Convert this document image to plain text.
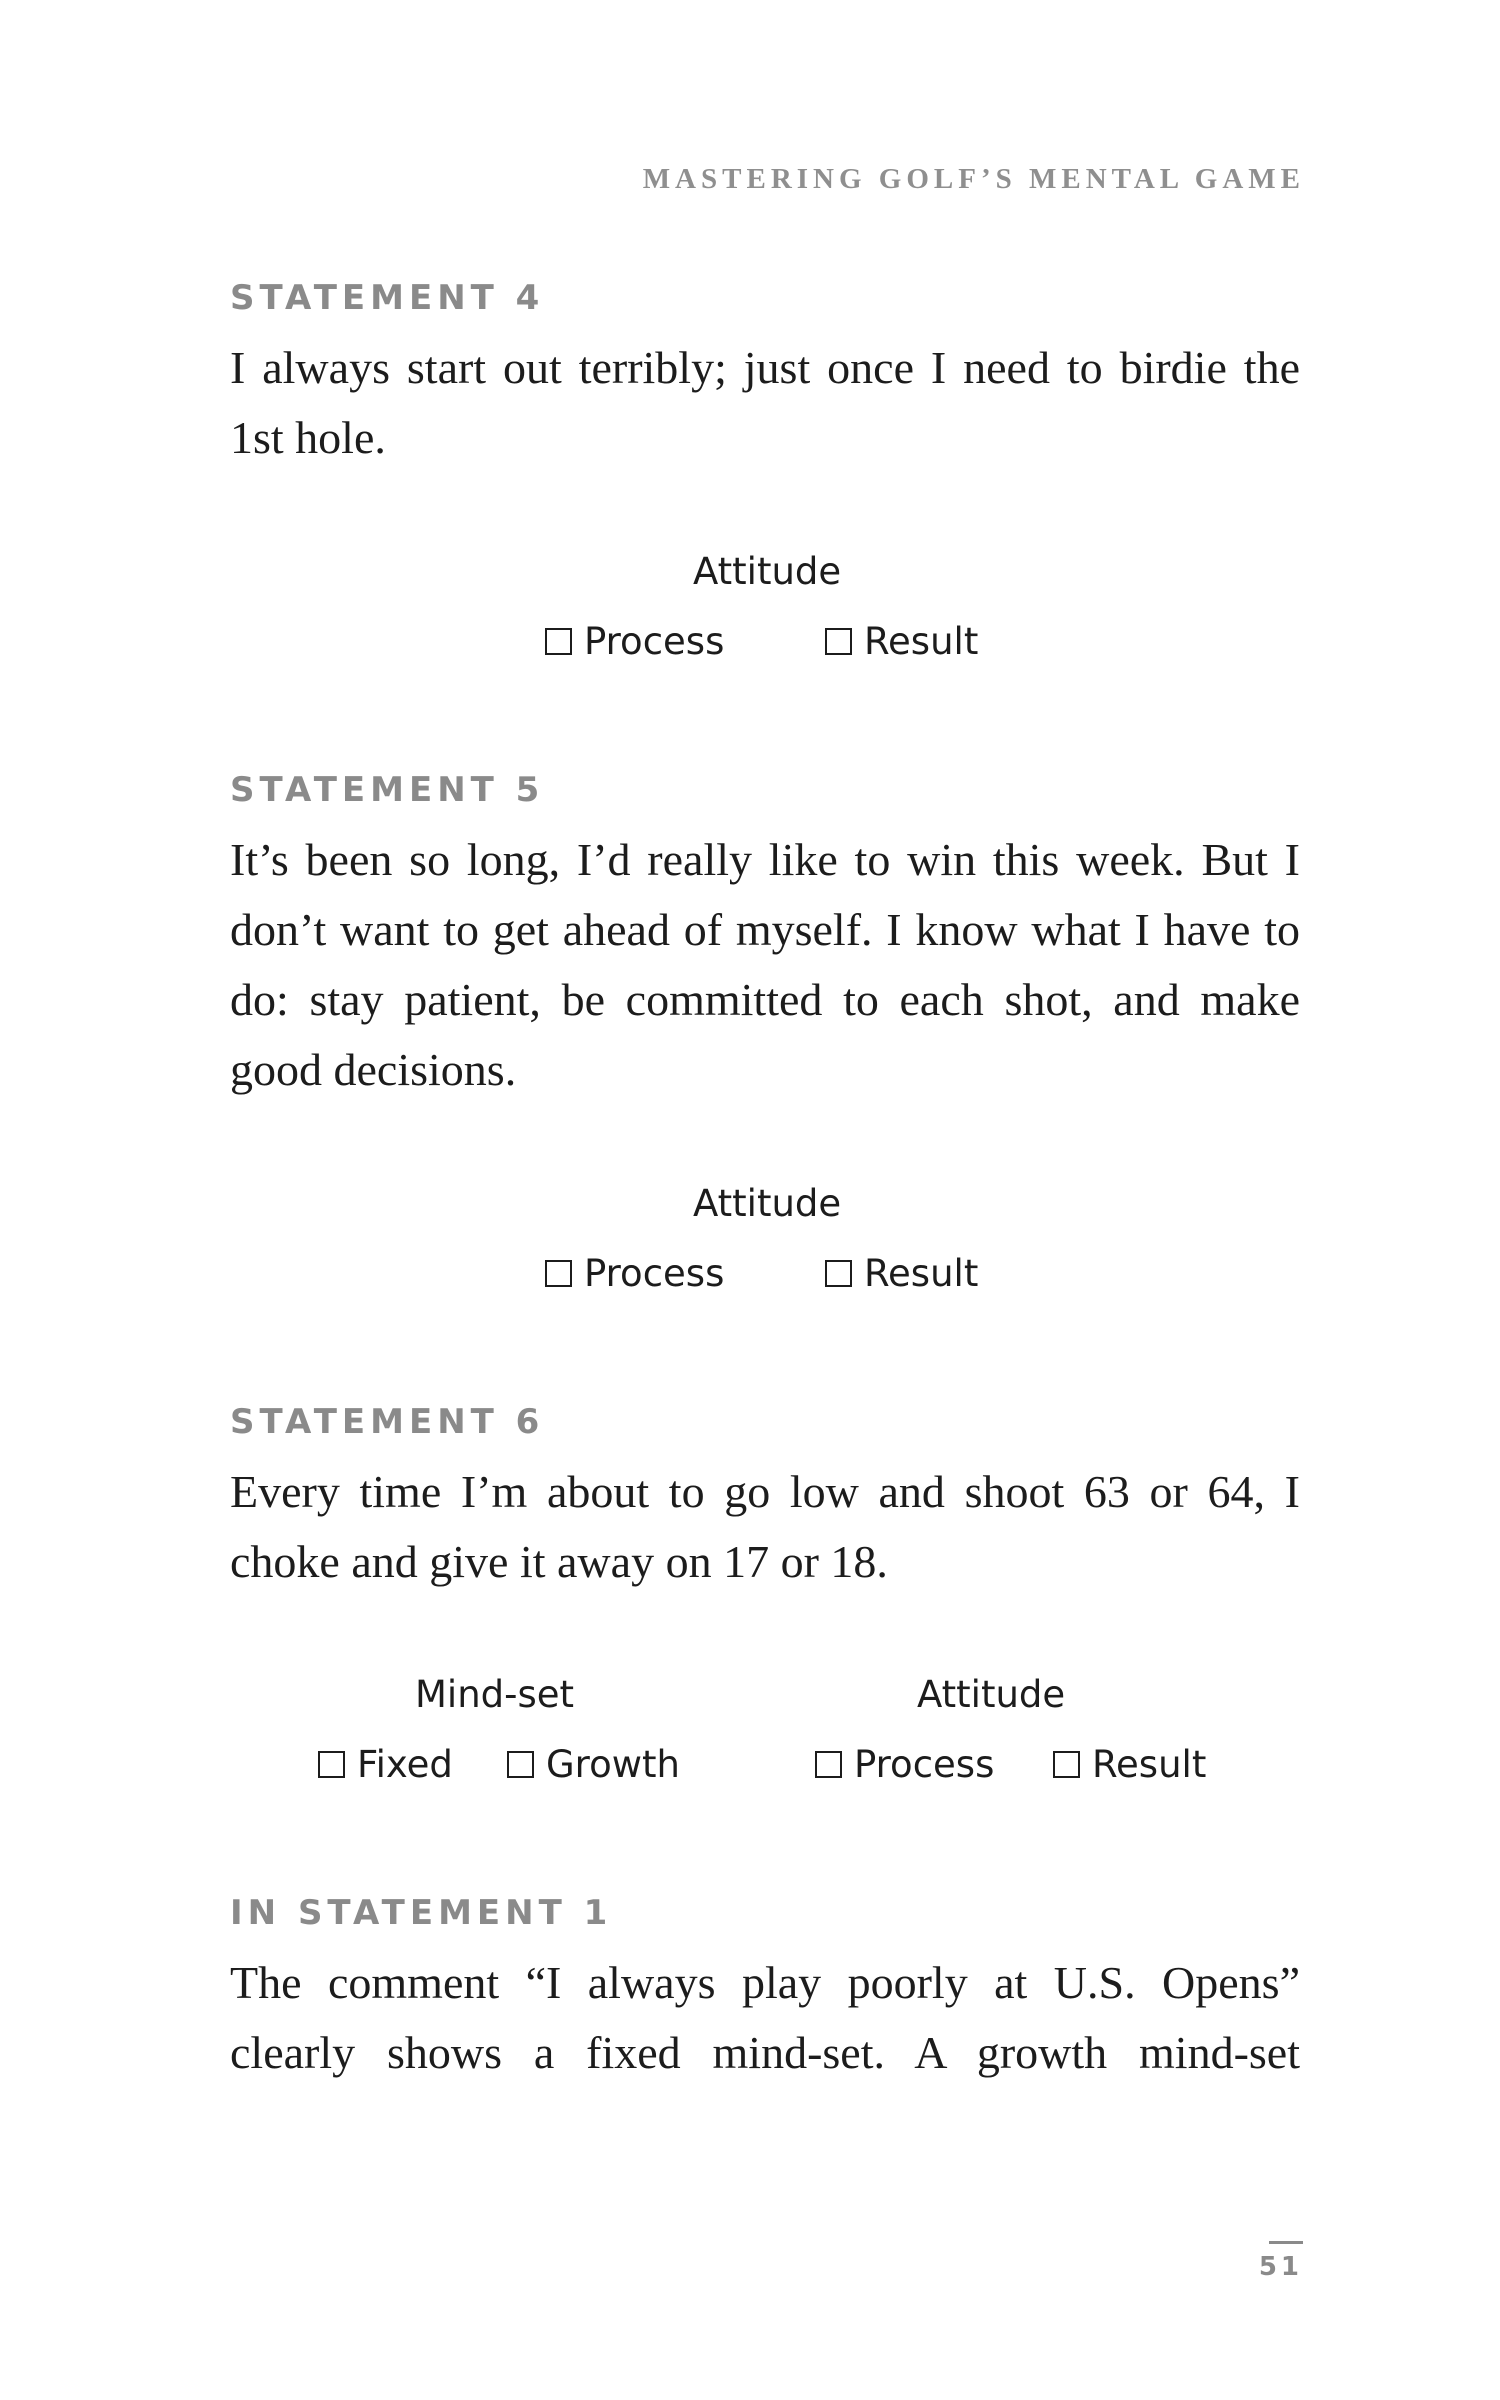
MASTERING GOLF’S MENTAL GAME
STATEMENT 4

I always start out terribly; just once I need to birdie the 1st hole.

Attitude
Process	Result
STATEMENT 5

It’s been so long, I’d really like to win this week. But I don’t want to get ahead of myself. I know what I have to do: stay patient, be committed to each shot, and make good decisions.

Attitude
Process	Result
STATEMENT 6

Every time I’m about to go low and shoot 63 or 64, I choke and give it away on 17 or 18.

Mind-set	Attitude
Fixed	Growth	Process	Result
IN STATEMENT 1

The comment “I always play poorly at U.S. Opens” clearly shows a fixed mind-set. A growth mind-set

51
